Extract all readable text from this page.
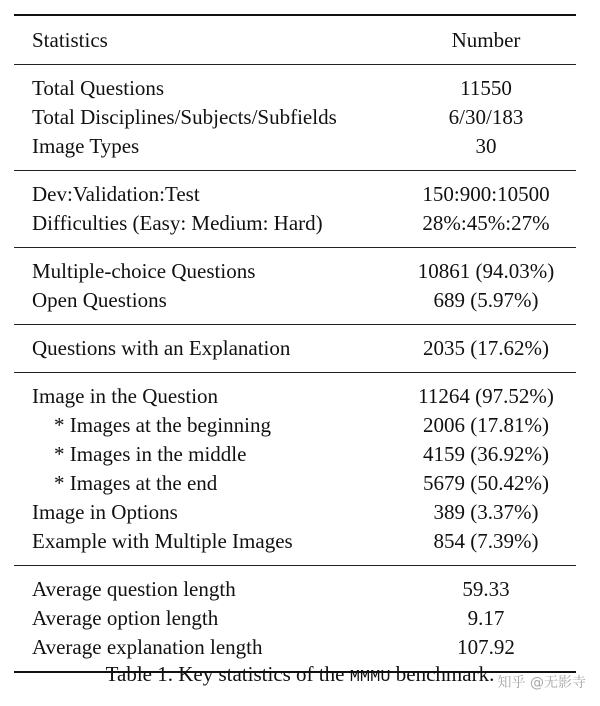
Statistics	Number
Total Questions	11550
Total Disciplines/Subjects/Subfields	6/30/183
Image Types	30
Dev:Validation:Test	150:900:10500
Difficulties (Easy: Medium: Hard)	28%:45%:27%
Multiple-choice Questions	10861 (94.03%)
Open Questions	689 (5.97%)
Questions with an Explanation	2035 (17.62%)
Image in the Question	11264 (97.52%)
* Images at the beginning	2006 (17.81%)
* Images in the middle	4159 (36.92%)
* Images at the end	5679 (50.42%)
Image in Options	389 (3.37%)
Example with Multiple Images	854 (7.39%)
Average question length	59.33
Average option length	9.17
Average explanation length	107.92
Table 1. Key statistics of the MMMU benchmark. 知乎 @无影寺
